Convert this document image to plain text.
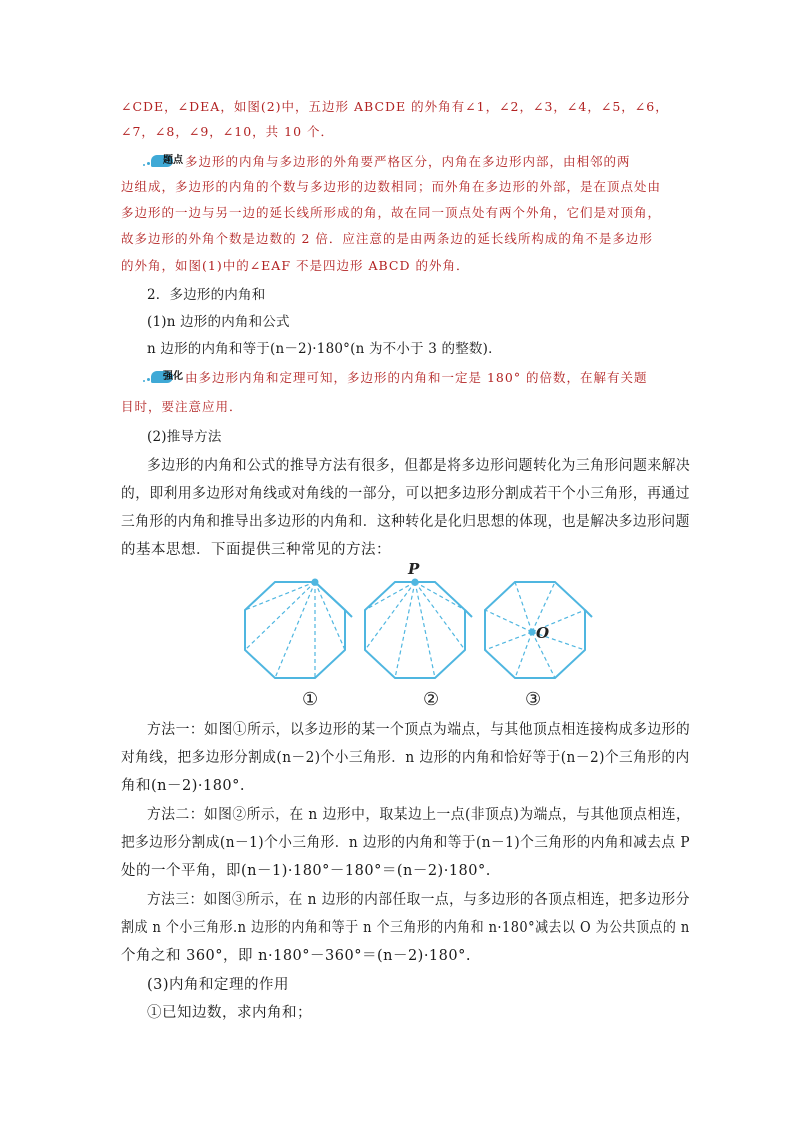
∠CDE，∠DEA，如图(2)中，五边形 ABCDE 的外角有∠1，∠2，∠3，∠4，∠5，∠6，
∠7，∠8，∠9，∠10，共 10 个．
题点 多边形的内角与多边形的外角要严格区分，内角在多边形内部，由相邻的两
边组成，多边形的内角的个数与多边形的边数相同；而外角在多边形的外部，是在顶点处由
多边形的一边与另一边的延长线所形成的角，故在同一顶点处有两个外角，它们是对顶角，
故多边形的外角个数是边数的 2 倍．应注意的是由两条边的延长线所构成的角不是多边形
的外角，如图(1)中的∠EAF 不是四边形 ABCD 的外角．
2．多边形的内角和
(1)n 边形的内角和公式
n 边形的内角和等于(n－2)·180°(n 为不小于 3 的整数)．
强化 由多边形内角和定理可知，多边形的内角和一定是 180° 的倍数，在解有关题
目时，要注意应用．
(2)推导方法
多边形的内角和公式的推导方法有很多，但都是将多边形问题转化为三角形问题来解决
的，即利用多边形对角线或对角线的一部分，可以把多边形分割成若干个小三角形，再通过
三角形的内角和推导出多边形的内角和．这种转化是化归思想的体现，也是解决多边形问题
的基本思想．下面提供三种常见的方法：
①
P
②
O
③
方法一：如图①所示，以多边形的某一个顶点为端点，与其他顶点相连接构成多边形的
对角线，把多边形分割成(n－2)个小三角形．n 边形的内角和恰好等于(n－2)个三角形的内
角和(n－2)·180°.
方法二：如图②所示，在 n 边形中，取某边上一点(非顶点)为端点，与其他顶点相连，
把多边形分割成(n－1)个小三角形．n 边形的内角和等于(n－1)个三角形的内角和减去点 P
处的一个平角，即(n－1)·180°－180°＝(n－2)·180°.
方法三：如图③所示，在 n 边形的内部任取一点，与多边形的各顶点相连，把多边形分
割成 n 个小三角形.n 边形的内角和等于 n 个三角形的内角和 n·180°减去以 O 为公共顶点的 n
个角之和 360°，即 n·180°－360°＝(n－2)·180°.
(3)内角和定理的作用
①已知边数，求内角和；
